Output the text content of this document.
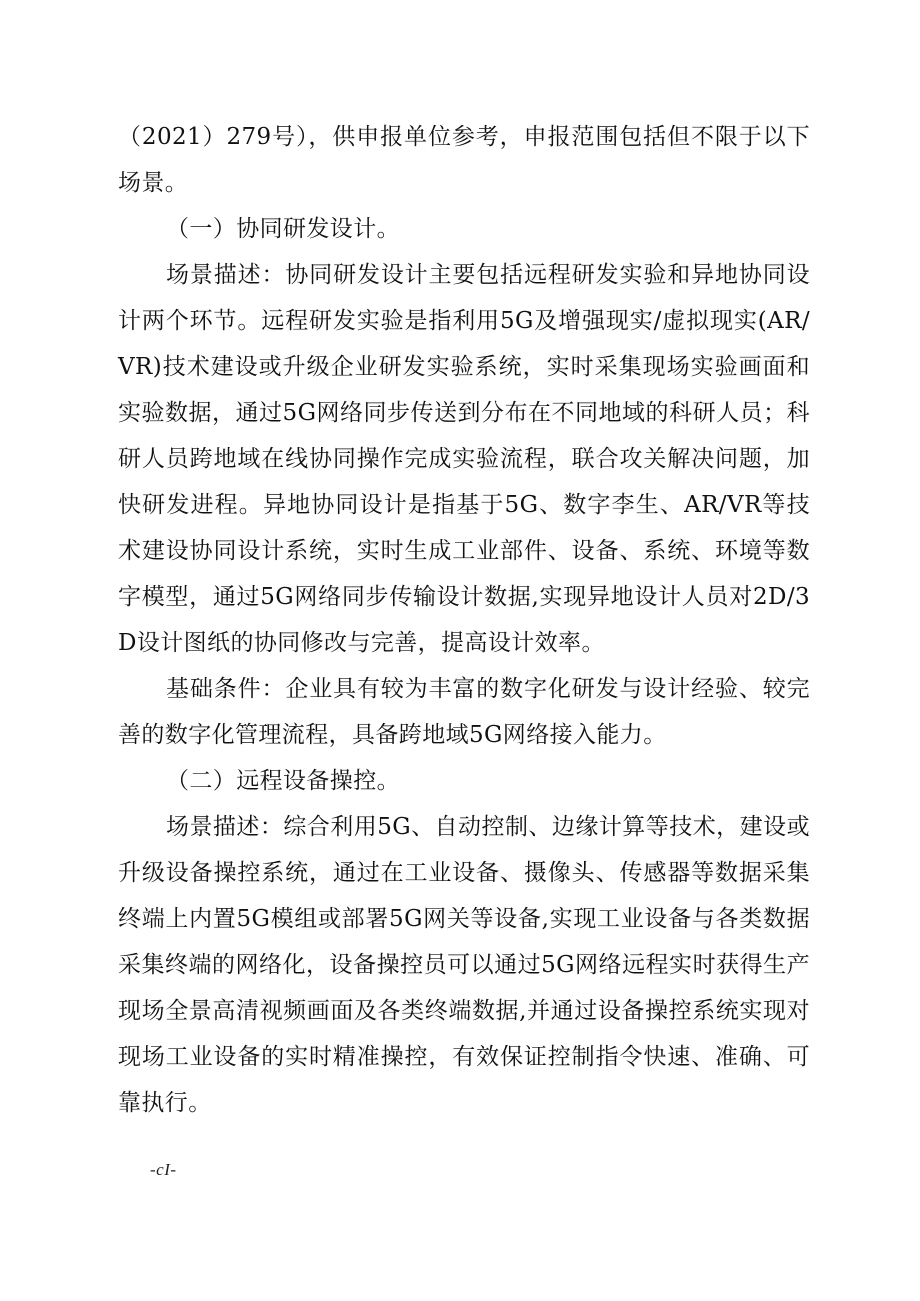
（2021）279号），供申报单位参考，申报范围包括但不限于以下场景。

（一）协同研发设计。

场景描述：协同研发设计主要包括远程研发实验和异地协同设计两个环节。远程研发实验是指利用5G及增强现实/虚拟现实(AR/VR)技术建设或升级企业研发实验系统，实时采集现场实验画面和实验数据，通过5G网络同步传送到分布在不同地域的科研人员；科研人员跨地域在线协同操作完成实验流程，联合攻关解决问题，加快研发进程。异地协同设计是指基于5G、数字李生、AR/VR等技术建设协同设计系统，实时生成工业部件、设备、系统、环境等数字模型，通过5G网络同步传输设计数据,实现异地设计人员对2D/3D设计图纸的协同修改与完善，提高设计效率。

基础条件：企业具有较为丰富的数字化研发与设计经验、较完善的数字化管理流程，具备跨地域5G网络接入能力。

（二）远程设备操控。

场景描述：综合利用5G、自动控制、边缘计算等技术，建设或升级设备操控系统，通过在工业设备、摄像头、传感器等数据采集终端上内置5G模组或部署5G网关等设备,实现工业设备与各类数据采集终端的网络化，设备操控员可以通过5G网络远程实时获得生产现场全景高清视频画面及各类终端数据,并通过设备操控系统实现对现场工业设备的实时精准操控，有效保证控制指令快速、准确、可靠执行。

-cI-
